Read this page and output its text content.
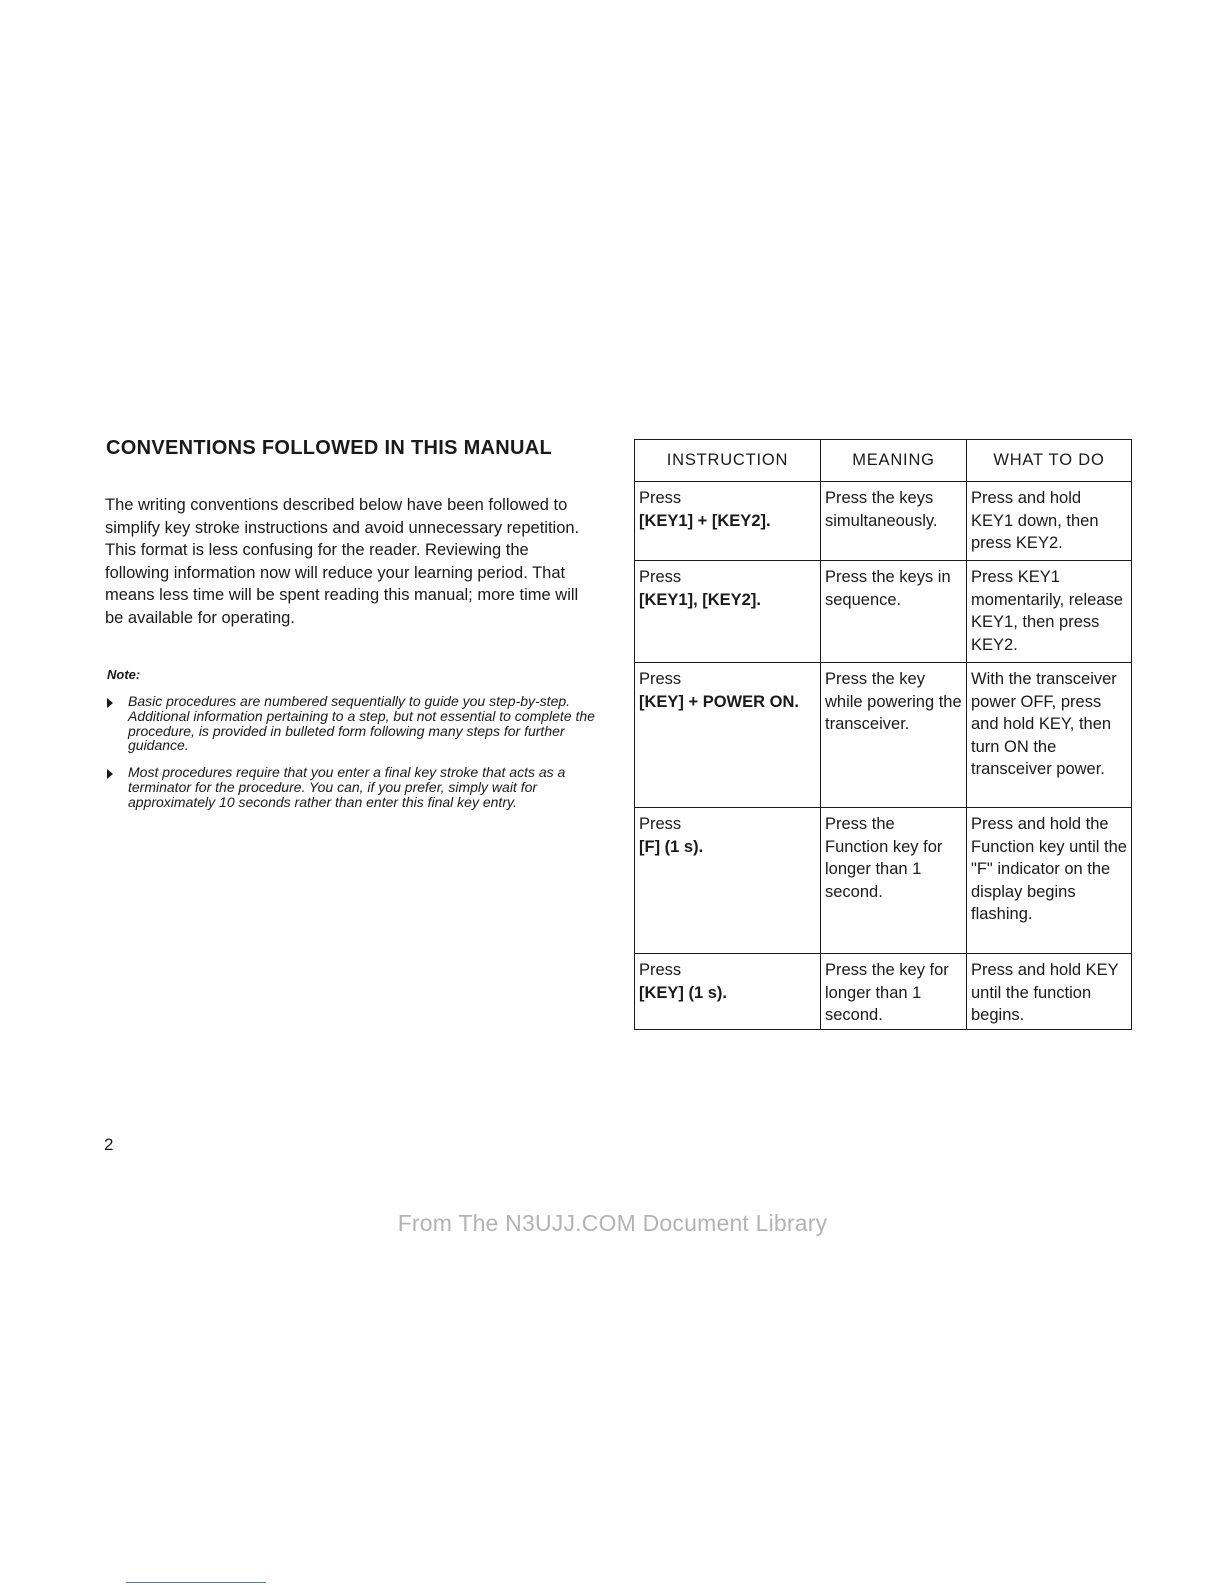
CONVENTIONS FOLLOWED IN THIS MANUAL

The writing conventions described below have been followed to simplify key stroke instructions and avoid unnecessary repetition. This format is less confusing for the reader. Reviewing the following information now will reduce your learning period. That means less time will be spent reading this manual; more time will be available for operating.

Note:
Basic procedures are numbered sequentially to guide you step-by-step. Additional information pertaining to a step, but not essential to complete the procedure, is provided in bulleted form following many steps for further guidance.
Most procedures require that you enter a final key stroke that acts as a terminator for the procedure. You can, if you prefer, simply wait for approximately 10 seconds rather than enter this final key entry.
INSTRUCTION	MEANING	WHAT TO DO

Press
[KEY1] + [KEY2].	Press the keys simultaneously.	Press and hold KEY1 down, then press KEY2.

Press
[KEY1], [KEY2].	Press the keys in sequence.	Press KEY1 momentarily, release KEY1, then press KEY2.

Press
[KEY] + POWER ON.	Press the key while powering the transceiver.	With the transceiver power OFF, press and hold KEY, then turn ON the transceiver power.

Press
[F] (1 s).	Press the Function key for longer than 1 second.	Press and hold the Function key until the "F" indicator on the display begins flashing.

Press
[KEY] (1 s).	Press the key for longer than 1 second.	Press and hold KEY until the function begins.
2
From The N3UJJ.COM Document Library
